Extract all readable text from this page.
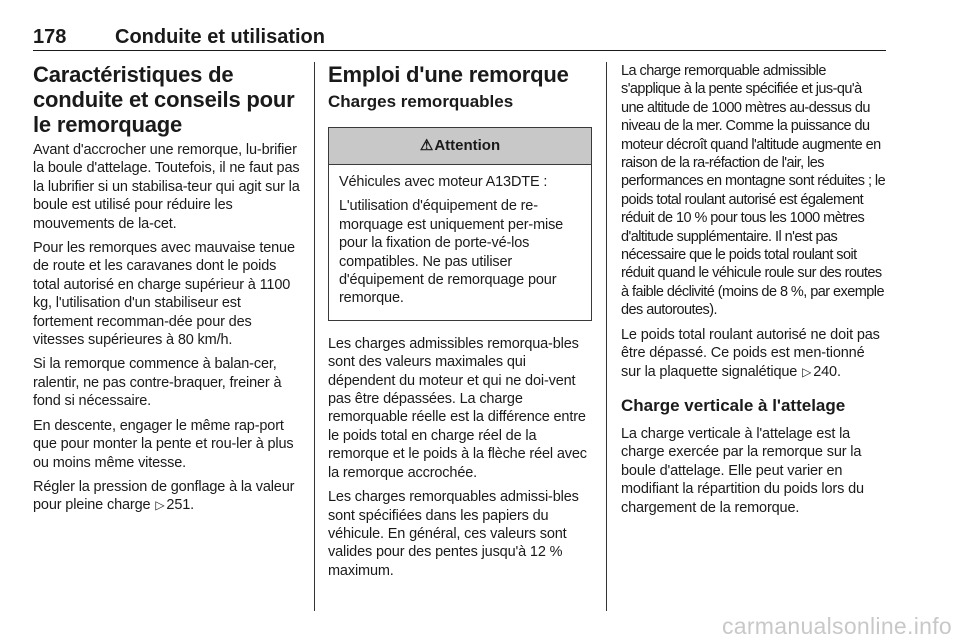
178 Conduite et utilisation
Caractéristiques de conduite et conseils pour le remorquage

Avant d'accrocher une remorque, lu-brifier la boule d'attelage. Toutefois, il ne faut pas la lubrifier si un stabilisa-teur qui agit sur la boule est utilisé pour réduire les mouvements de la-cet.

Pour les remorques avec mauvaise tenue de route et les caravanes dont le poids total autorisé en charge supérieur à 1100 kg, l'utilisation d'un stabiliseur est fortement recomman-dée pour des vitesses supérieures à 80 km/h.

Si la remorque commence à balan-cer, ralentir, ne pas contre-braquer, freiner à fond si nécessaire.

En descente, engager le même rap-port que pour monter la pente et rou-ler à plus ou moins même vitesse.

Régler la pression de gonflage à la valeur pour pleine charge ▷ 251.

Emploi d'une remorque
Charges remorquables
⚠Attention

Véhicules avec moteur A13DTE :

L'utilisation d'équipement de re-morquage est uniquement per-mise pour la fixation de porte-vé-los compatibles. Ne pas utiliser d'équipement de remorquage pour remorque.

Les charges admissibles remorqua-bles sont des valeurs maximales qui dépendent du moteur et qui ne doi-vent pas être dépassées. La charge remorquable réelle est la différence entre le poids total en charge réel de la remorque et le poids à la flèche réel avec la remorque accrochée.

Les charges remorquables admissi-bles sont spécifiées dans les papiers du véhicule. En général, ces valeurs sont valides pour des pentes jusqu'à 12 % maximum.

La charge remorquable admissible s'applique à la pente spécifiée et jus-qu'à une altitude de 1000 mètres au-dessus du niveau de la mer. Comme la puissance du moteur décroît quand l'altitude augmente en raison de la ra-réfaction de l'air, les performances en montagne sont réduites ; le poids total roulant autorisé est également réduit de 10 % pour tous les 1000 mètres d'altitude supplémentaire. Il n'est pas nécessaire que le poids total roulant soit réduit quand le véhicule roule sur des routes à faible déclivité (moins de 8 %, par exemple des autoroutes).

Le poids total roulant autorisé ne doit pas être dépassé. Ce poids est men-tionné sur la plaquette signalétique ▷ 240.

Charge verticale à l'attelage

La charge verticale à l'attelage est la charge exercée par la remorque sur la boule d'attelage. Elle peut varier en modifiant la répartition du poids lors du chargement de la remorque.

carmanualsonline.info
